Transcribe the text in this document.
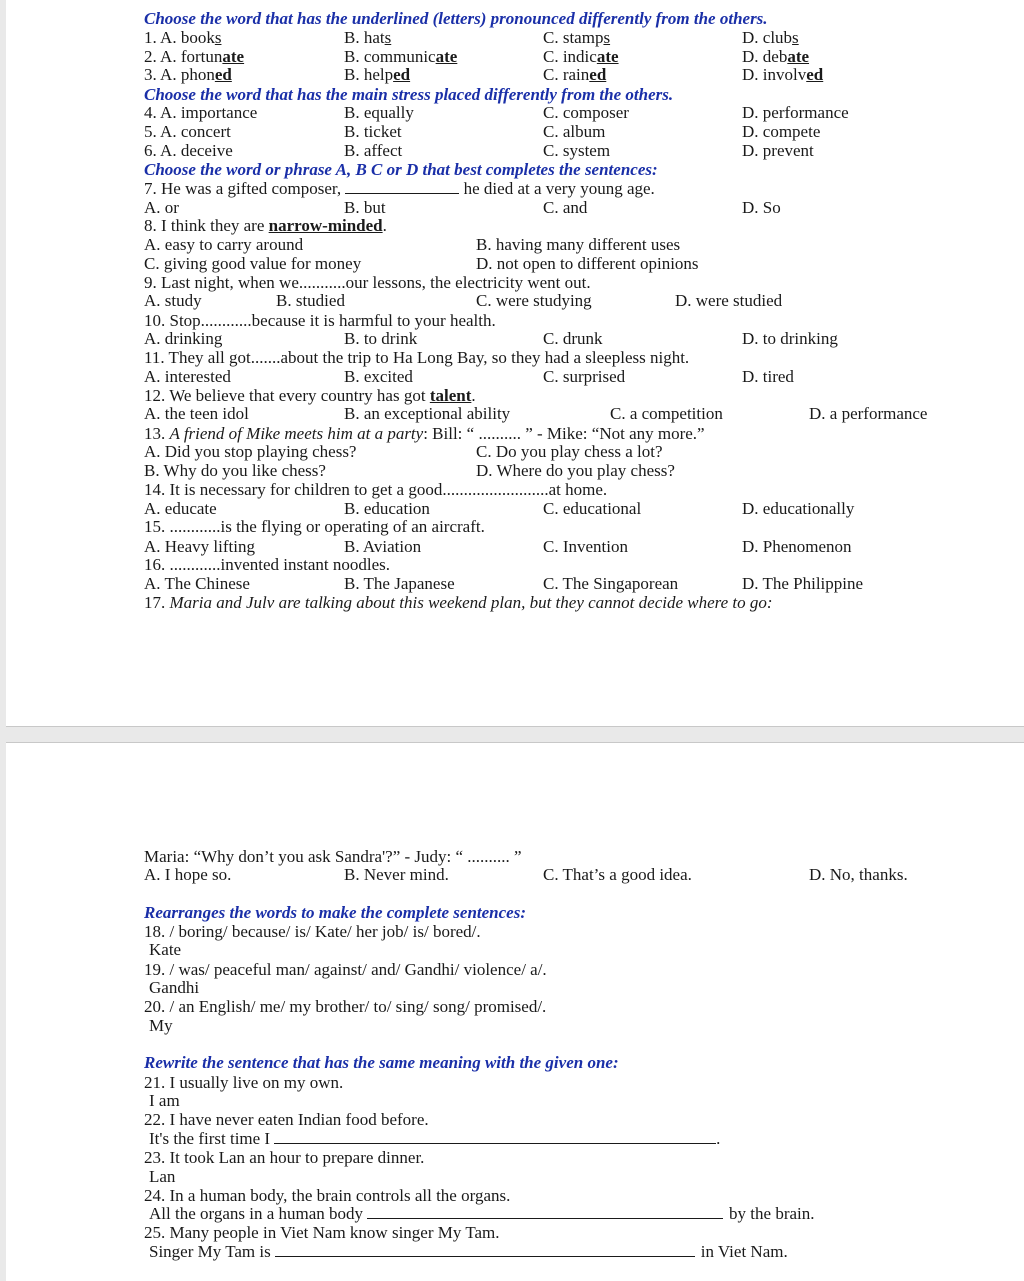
Choose the word that has the underlined (letters) pronounced differently from the others.
1. A. books	B. hats	C. stamps	D. clubs
2. A. fortunate	B. communicate	C. indicate	D. debate
3. A. phoned	B. helped	C. rained	D. involved
Choose the word that has the main stress placed differently from the others.
4. A. importance	B. equally	C. composer	D. performance
5. A. concert	B. ticket	C. album	D. compete
6. A. deceive	B. affect	C. system	D. prevent
Choose the word or phrase A, B C or D that best completes the sentences:
7. He was a gifted composer,	he died at a very young age.
A. or	B. but	C. and	D. So
8. I think they are narrow-minded.
A. easy to carry around	B. having many different uses
C. giving good value for money	D. not open to different opinions
9. Last night, when we...........our lessons, the electricity went out.
A. study	B. studied	C. were studying	D. were studied
10. Stop............because it is harmful to your health.
A. drinking	B. to drink	C. drunk	D. to drinking
11. They all got.......about the trip to Ha Long Bay, so they had a sleepless night.
A. interested	B. excited	C. surprised	D. tired
12. We believe that every country has got talent.
A. the teen idol	B. an exceptional ability	C. a competition	D. a performance
13. A friend of Mike meets him at a party: Bill: “ .......... ” - Mike: “Not any more.”
A. Did you stop playing chess?	C. Do you play chess a lot?
B. Why do you like chess?	D. Where do you play chess?
14. It is necessary for children to get a good.........................at home.
A. educate	B. education	C. educational	D. educationally
15. ............is the flying or operating of an aircraft.
A. Heavy lifting	B. Aviation	C. Invention	D. Phenomenon
16. ............invented instant noodles.
A. The Chinese	B. The Japanese	C. The Singaporean	D. The Philippine
17. Maria and Julv are talking about this weekend plan, but they cannot decide where to go:
Maria: “Why don’t you ask Sandra'?” - Judy: “ .......... ”
A. I hope so.	B. Never mind.	C. That’s a good idea.	D. No, thanks.
Rearranges the words to make the complete sentences:
18. / boring/ because/ is/ Kate/ her job/ is/ bored/.
Kate
19. / was/ peaceful man/ against/ and/ Gandhi/ violence/ a/.
Gandhi
20. / an English/ me/ my brother/ to/ sing/ song/ promised/.
My
Rewrite the sentence that has the same meaning with the given one:
21. I usually live on my own.
I am
22. I have never eaten Indian food before.
It's the first time I	.
23. It took Lan an hour to prepare dinner.
Lan
24. In a human body, the brain controls all the organs.
All the organs in a human body	by the brain.
25. Many people in Viet Nam know singer My Tam.
Singer My Tam is	in Viet Nam.
